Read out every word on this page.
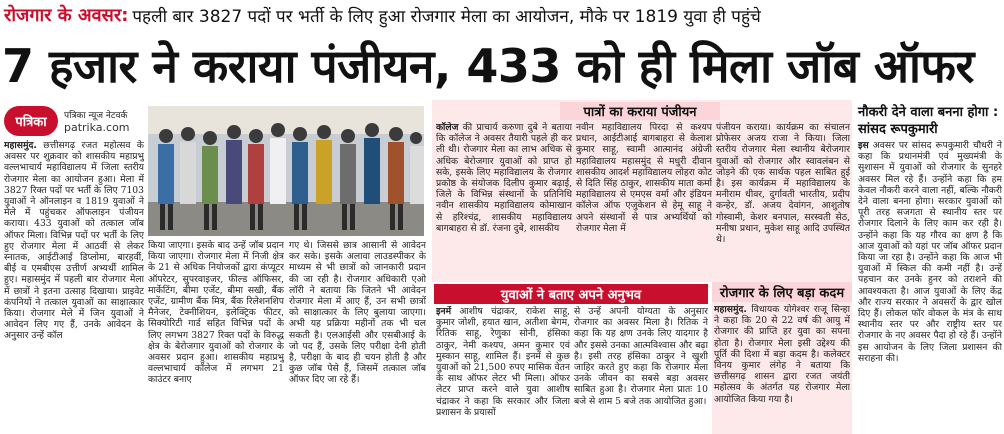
रोजगार के अवसर : पहली बार 3827 पदों पर भर्ती के लिए हुआ रोजगार मेला का आयोजन, मौके पर 1819 युवा ही पहुंचे
7 हजार ने कराया पंजीयन, 433 को ही मिला जॉब ऑफर
पत्रिका	पत्रिका न्यूज नेटवर्क
patrika.com
महासमुंद. छत्तीसगढ़ रजत महोत्सव के अवसर पर शुक्रवार को शासकीय महाप्रभु वल्लभाचार्य महाविद्यालय में जिला स्तरीय रोजगार मेला का आयोजन हुआ। मेला में 3827 रिक्त पदों पर भर्ती के लिए 7103 युवाओं ने ऑनलाइन व 1819 युवाओं ने मेले में पहुंचकर ऑफलाइन पंजीयन कराया। 433 युवाओं को तत्काल जॉब ऑफर मिला। विभिन्न पदों पर भर्ती के लिए हुए रोजगार मेला में आठवीं से लेकर स्नातक, आईटीआई डिप्लोमा, बारहवीं, बीई व एमबीएस उत्तीर्ण अभ्यर्थी शामिल हुए। महासमुंद में पहली बार रोजगार मेला में छात्रों ने इतना उत्साह दिखाया। प्राइवेट कंपनियों ने तत्काल युवाओं का साक्षात्कार किया। रोजगार मेले में जिन युवाओं ने आवेदन लिए गए हैं, उनके आवेदन के अनुसार उन्हें कॉल
किया जाएगा। इसके बाद उन्हें जॉब प्रदान किया जाएगा। रोजगार मेला में निजी क्षेत्र के 21 से अधिक नियोजकों द्वारा कंप्यूटर ऑपरेटर, सुपरवाइजर, फील्ड ऑफिसर, मार्केटिंग, बीमा एजेंट, बीमा सखी, बैंक एजेंट, ग्रामीण बैंक मित्र, बैंक रिलेशनशिप मैनेजर, टेक्नीशियन, इलेक्ट्रिक फीटर, सिक्योरिटी गार्ड सहित विभिन्न पदों के लिए लगभग 3827 रिक्त पदों के विरुद्ध क्षेत्र के बेरोजगार युवाओं को रोजगार के अवसर प्रदान हुआ। शासकीय महाप्रभु वल्लभाचार्य कॉलेज में लगभग 21 काउंटर बनाए
गए थे। जिससे छात्र आसानी से आवेदन कर सके। इसके अलावा लाउडस्पीकर के माध्यम से भी छात्रों को जानकारी प्रदान की जा रही है। रोजगार अधिकारी एओ लॉरी ने बताया कि जितने भी आवेदन रोजगार मेला में आए हैं, उन सभी छात्रों को साक्षात्कार के लिए बुलाया जाएगा। अभी यह प्रक्रिया महीनों तक भी चल सकती है। एलआईसी और एसबीआई के जो पद हैं, उसके लिए परीक्षा देनी होती है, परीक्षा के बाद ही चयन होती है और कुछ जॉब पेसे हैं, जिसमें तत्काल जॉब ऑफर दिए जा रहे हैं।
पात्रों का कराया पंजीयन
कॉलेज की प्राचार्य करुणा दुबे ने बताया कि कॉलेज ने अवसर तैयारी पहले ही कर ली थी। रोजगार मेला का लाभ अधिक से अधिक बेरोजगार युवाओं को प्राप्त हो सके, इसके लिए महाविद्यालय के रोजगार प्रकोष्ठ के संयोजक दिलीप कुमार बढ़ाई, जिले के विभिन्न संस्थानों के प्रतिनिधि नवीन शासकीय महाविद्यालय कोमाखान से हरिश्चंद्र, शासकीय महाविद्यालय बागबाहरा से डॉ. रंजना दुबे, शासकीय
नवीन महाविद्यालय पिरदा से कश्यप प्रधान, आईटीआई बागबाहरा से केलाश कुमार साहू, स्वामी आत्मानंद अंग्रेजी महाविद्यालय महासमुंद से मधुरी दीवान शासकीय आदर्श महाविद्यालय लोहरा कोट से दिति सिंह ठाकुर, शासकीय माता कर्मा महाविद्यालय से एमएस वर्मा और इंडियन कॉलेज ऑफ एजुकेशन से हेमू साहू ने अपने संस्थानों से पात्र अभ्यर्थियों को रोजगार मेला में
पंजीयन कराया। कार्यक्रम का संचालन प्रोफेसर अजय राजा ने किया। जिला स्तरीय रोजगार मेला स्थानीय बेरोजगार युवाओं को रोजगार और स्वावलंबन से जोड़ने की एक सार्थक पहल साबित हुई है। इस कार्यक्रम में महाविद्यालय के मनीराम धीवर, दुर्गावती भारतीय, प्रदीप कन्हेर, डॉ. अजय देवांगन, आशुतोष गोस्वामी, केशर बनपाल, सरस्वती सेठ, मनीषा प्रधान, मुकेश साहू आदि उपस्थित थे।
युवाओं ने बताए अपने अनुभव
इनमें आशीष चंद्राकर, राकेश साहू, कुमार जोशी, हयात खान, अतीशा बेगम, रितिक साहू, रेणुका सोनी, हंसिका ठाकुर, नेमी कश्यप, अमन कुमार एवं मुस्कान साहू, शामिल हैं। इनमें से कुछ युवाओं को 21,500 रुपए मासिक वेतन के साथ ऑफर लेटर भी मिला। ऑफर लेटर प्राप्त करने वाले युवा आशीष चंद्राकर ने कहा कि सरकार और जिला प्रशासन के प्रयासों
से उन्हें अपनी योग्यता के अनुसार रोजगार का अवसर मिला है। रितिक ने कहा कि यह क्षण उनके लिए यादगार है और इससे उनका आत्मविश्वास और बढ़ा है। इसी तरह हंसिका ठाकुर ने खुशी जाहिर करते हुए कहा कि रोजगार मेला उनके जीवन का सबसे बड़ा अवसर साबित हुआ है। रोजगार मेला प्रातः 10 बजे से शाम 5 बजे तक आयोजित हुआ।
रोजगार के लिए बड़ा कदम
महासमुंद. विधायक योगेश्वर राजू सिन्हा ने कहा कि 20 से 22 वर्ष की आयु में रोजगार की प्राप्ति हर युवा का सपना होता है। रोजगार मेला इसी उद्देश्य की पूर्ति की दिशा में बड़ा कदम है। कलेक्टर विनय कुमार लंगेह ने बताया कि छत्तीसगढ़ शासन द्वारा रजत जयंती महोत्सव के अंतर्गत यह रोजगार मेला आयोजित किया गया है।
नौकरी देने वाला बनना होगा : सांसद रूपकुमारी
इस अवसर पर सांसद रूपकुमारी चौधरी ने कहा कि प्रधानमंत्री एवं मुख्यमंत्री के सुशासन में युवाओं को रोजगार के सुनहरे अवसर मिल रहे हैं। उन्होंने कहा कि हम केवल नौकरी करने वाला नहीं, बल्कि नौकरी देने वाला बनना होगा। सरकार युवाओं को पूरी तरह सजगता से स्थानीय स्तर पर रोजगार दिलाने के लिए काम कर रही है। उन्होंने कहा कि यह गौरव का क्षण है कि आज युवाओं को यहां पर जॉब ऑफर प्रदान किया जा रहा है। उन्होंने कहा कि आज भी युवाओं में स्किल की कमी नहीं है। उन्हें पहचान कर उनके हुनर को तराशने की आवश्यकता है। आज युवाओं के लिए केंद्र और राज्य सरकार ने अवसरों के द्वार खोल दिए हैं। लोकल फॉर वोकल के मंत्र के साथ स्थानीय स्तर पर और राष्ट्रीय स्तर पर रोजगार के नए अवसर पैदा हो रहे हैं। उन्होंने इस आयोजन के लिए जिला प्रशासन की सराहना की।
